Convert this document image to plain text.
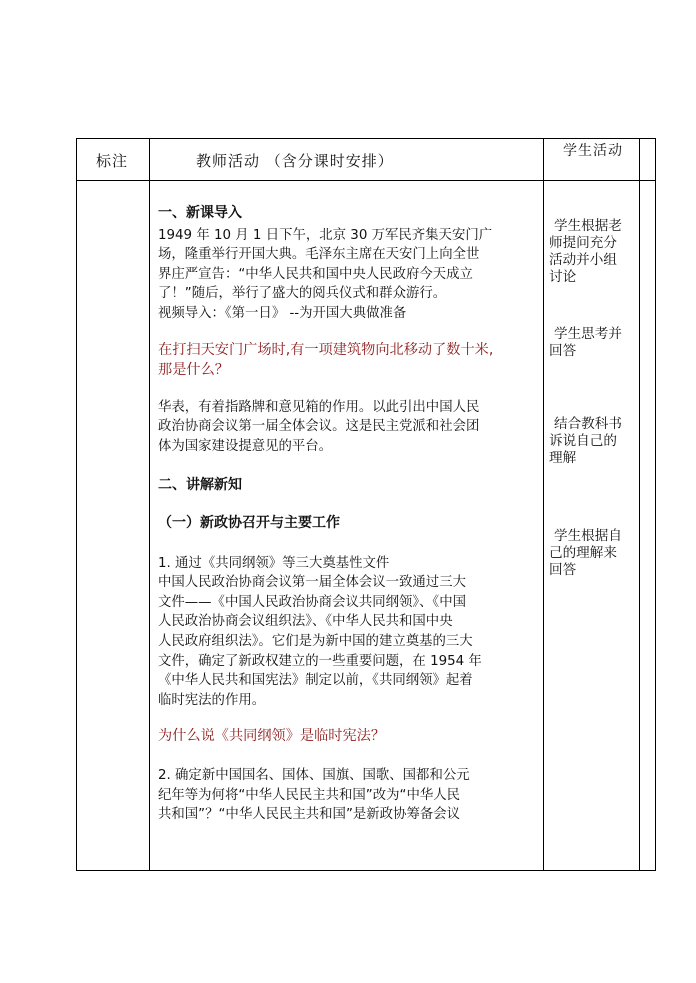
标注	教师活动 （含分课时安排）
学生活动

一、新课导入

1949 年 10 月 1 日下午，北京 30 万军民齐集天安门广

场，隆重举行开国大典。毛泽东主席在天安门上向全世

界庄严宣告：“中华人民共和国中央人民政府今天成立

了！”随后，举行了盛大的阅兵仪式和群众游行。

视频导入：《第一日》 --为开国大典做准备

在打扫天安门广场时,有一项建筑物向北移动了数十米,

那是什么？

华表，有着指路牌和意见箱的作用。以此引出中国人民

政治协商会议第一届全体会议。这是民主党派和社会团

体为国家建设提意见的平台。

二、讲解新知

（一）新政协召开与主要工作

1. 通过《共同纲领》等三大奠基性文件

中国人民政治协商会议第一届全体会议一致通过三大

文件——《中国人民政治协商会议共同纲领》、《中国

人民政治协商会议组织法》、《中华人民共和国中央

人民政府组织法》。它们是为新中国的建立奠基的三大

文件，确定了新政权建立的一些重要问题，在 1954 年

《中华人民共和国宪法》制定以前，《共同纲领》起着

临时宪法的作用。

为什么说《共同纲领》是临时宪法？

2. 确定新中国国名、国体、国旗、国歌、国都和公元

纪年等为何将“中华人民民主共和国”改为“中华人民

共和国”？“中华人民民主共和国”是新政协筹备会议

学生根据老
师提问充分
活动并小组
讨论
学生思考并
回答
结合教科书
诉说自己的
理解
学生根据自
己的理解来
回答
